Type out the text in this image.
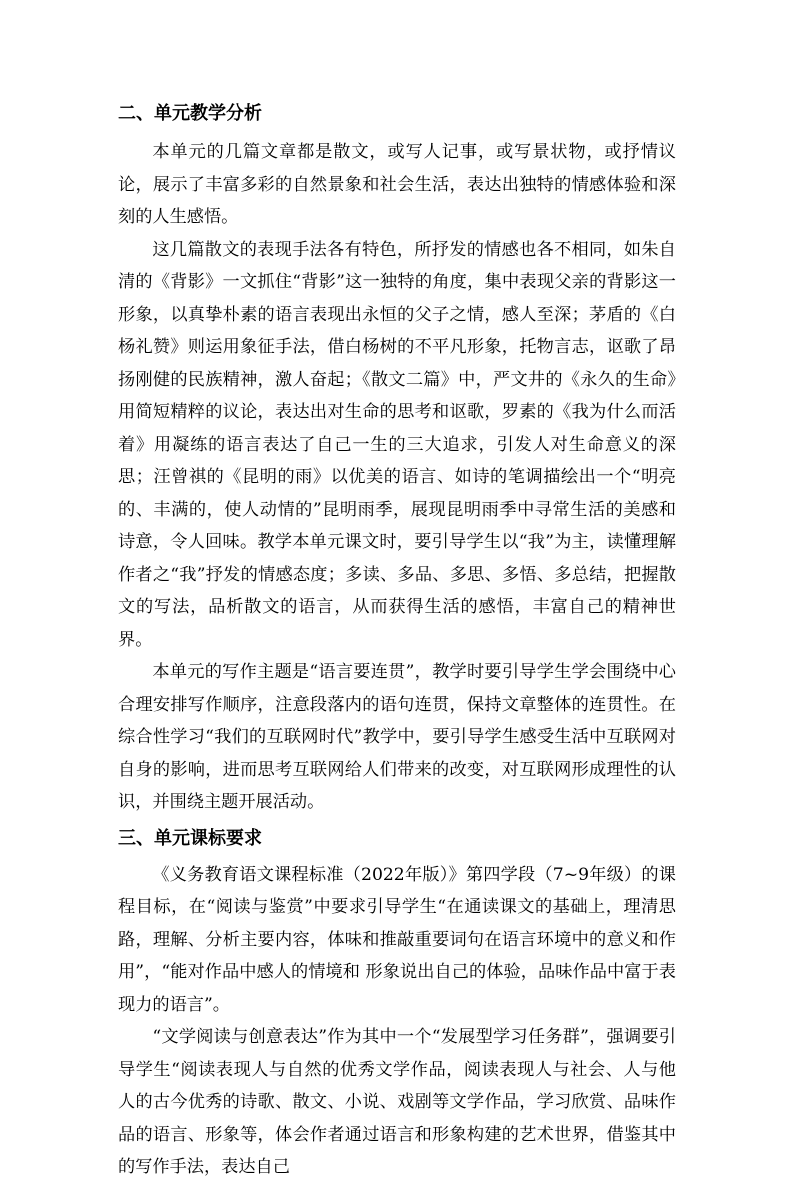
二、单元教学分析

本单元的几篇文章都是散文，或写人记事，或写景状物，或抒情议论，展示了丰富多彩的自然景象和社会生活，表达出独特的情感体验和深刻的人生感悟。

这几篇散文的表现手法各有特色，所抒发的情感也各不相同，如朱自清的《背影》一文抓住“背影”这一独特的角度，集中表现父亲的背影这一形象，以真挚朴素的语言表现出永恒的父子之情，感人至深；茅盾的《白杨礼赞》则运用象征手法，借白杨树的不平凡形象，托物言志，讴歌了昂扬刚健的民族精神，激人奋起；《散文二篇》中，严文井的《永久的生命》用简短精粹的议论，表达出对生命的思考和讴歌，罗素的《我为什么而活着》用凝练的语言表达了自己一生的三大追求，引发人对生命意义的深思；汪曾祺的《昆明的雨》以优美的语言、如诗的笔调描绘出一个“明亮的、丰满的，使人动情的”昆明雨季，展现昆明雨季中寻常生活的美感和诗意，令人回味。教学本单元课文时，要引导学生以“我”为主，读懂理解作者之“我”抒发的情感态度；多读、多品、多思、多悟、多总结，把握散文的写法，品析散文的语言，从而获得生活的感悟，丰富自己的精神世界。

本单元的写作主题是“语言要连贯”，教学时要引导学生学会围绕中心合理安排写作顺序，注意段落内的语句连贯，保持文章整体的连贯性。在综合性学习“我们的互联网时代”教学中，要引导学生感受生活中互联网对自身的影响，进而思考互联网给人们带来的改变，对互联网形成理性的认识，并围绕主题开展活动。

三、单元课标要求

《义务教育语文课程标准（2022年版）》第四学段（7~9年级）的课程目标，在“阅读与鉴赏”中要求引导学生“在通读课文的基础上，理清思路，理解、分析主要内容，体味和推敲重要词句在语言环境中的意义和作用”，“能对作品中感人的情境和 形象说出自己的体验，品味作品中富于表现力的语言”。

“文学阅读与创意表达”作为其中一个“发展型学习任务群”，强调要引导学生“阅读表现人与自然的优秀文学作品，阅读表现人与社会、人与他人的古今优秀的诗歌、散文、小说、戏剧等文学作品，学习欣赏、品味作品的语言、形象等，体会作者通过语言和形象构建的艺术世界，借鉴其中的写作手法，表达自己
